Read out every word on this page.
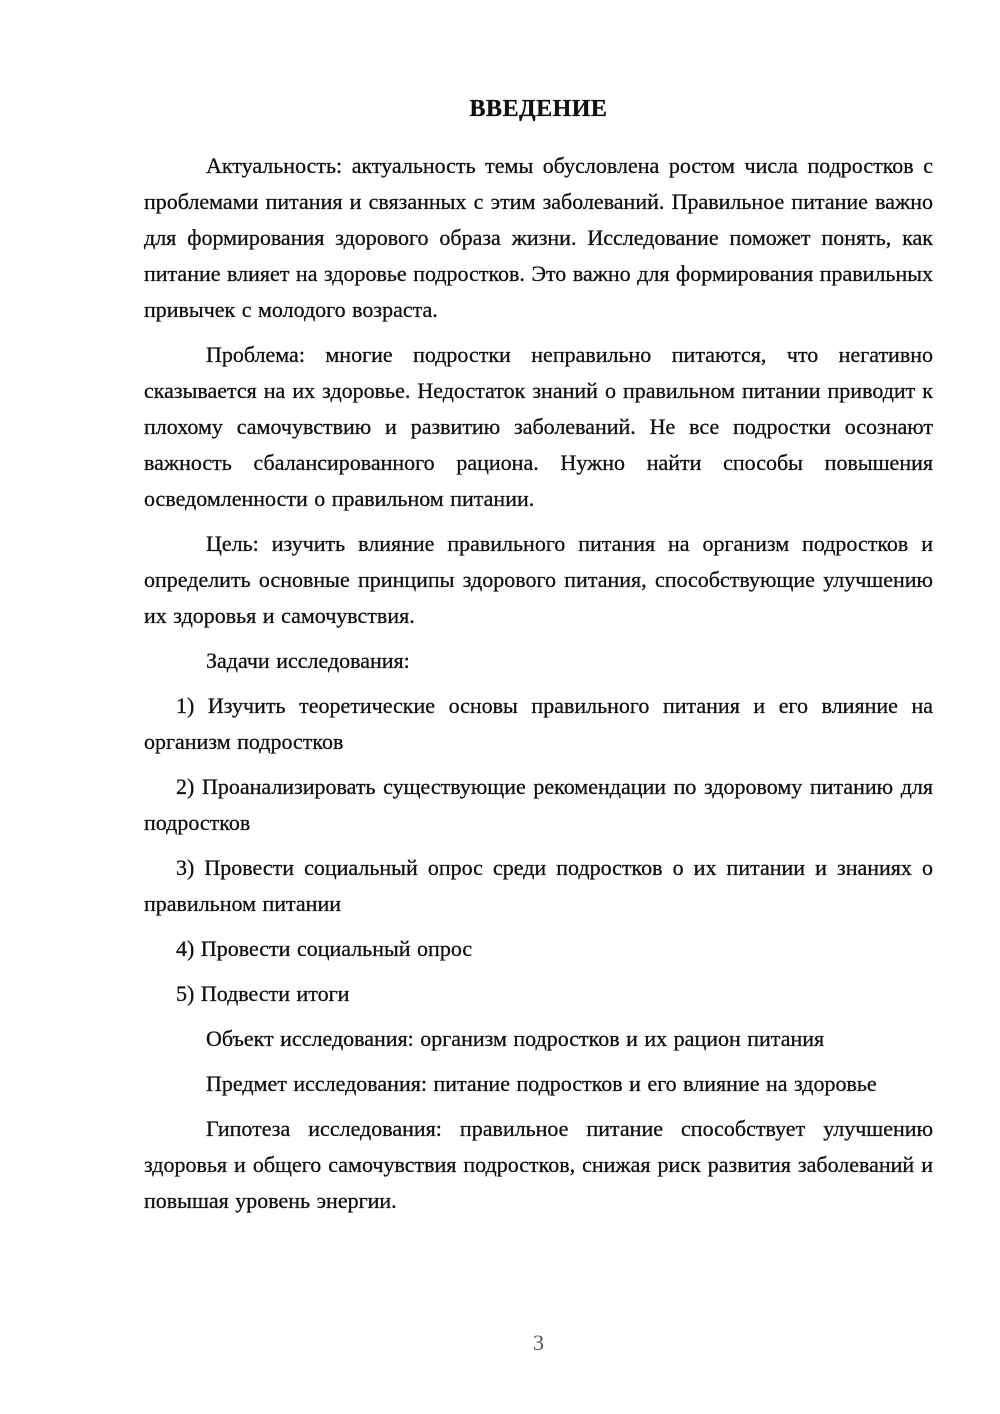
ВВЕДЕНИЕ

Актуальность: актуальность темы обусловлена ростом числа подростков с проблемами питания и связанных с этим заболеваний. Правильное питание важно для формирования здорового образа жизни. Исследование поможет понять, как питание влияет на здоровье подростков. Это важно для формирования правильных привычек с молодого возраста.

Проблема: многие подростки неправильно питаются, что негативно сказывается на их здоровье. Недостаток знаний о правильном питании приводит к плохому самочувствию и развитию заболеваний. Не все подростки осознают важность сбалансированного рациона. Нужно найти способы повышения осведомленности о правильном питании.

Цель: изучить влияние правильного питания на организм подростков и определить основные принципы здорового питания, способствующие улучшению их здоровья и самочувствия.

Задачи исследования:

1) Изучить теоретические основы правильного питания и его влияние на организм подростков

2) Проанализировать существующие рекомендации по здоровому питанию для подростков

3) Провести социальный опрос среди подростков о их питании и знаниях о правильном питании

4) Провести социальный опрос

5) Подвести итоги

Объект исследования: организм подростков и их рацион питания

Предмет исследования: питание подростков и его влияние на здоровье

Гипотеза исследования: правильное питание способствует улучшению здоровья и общего самочувствия подростков, снижая риск развития заболеваний и повышая уровень энергии.

3
